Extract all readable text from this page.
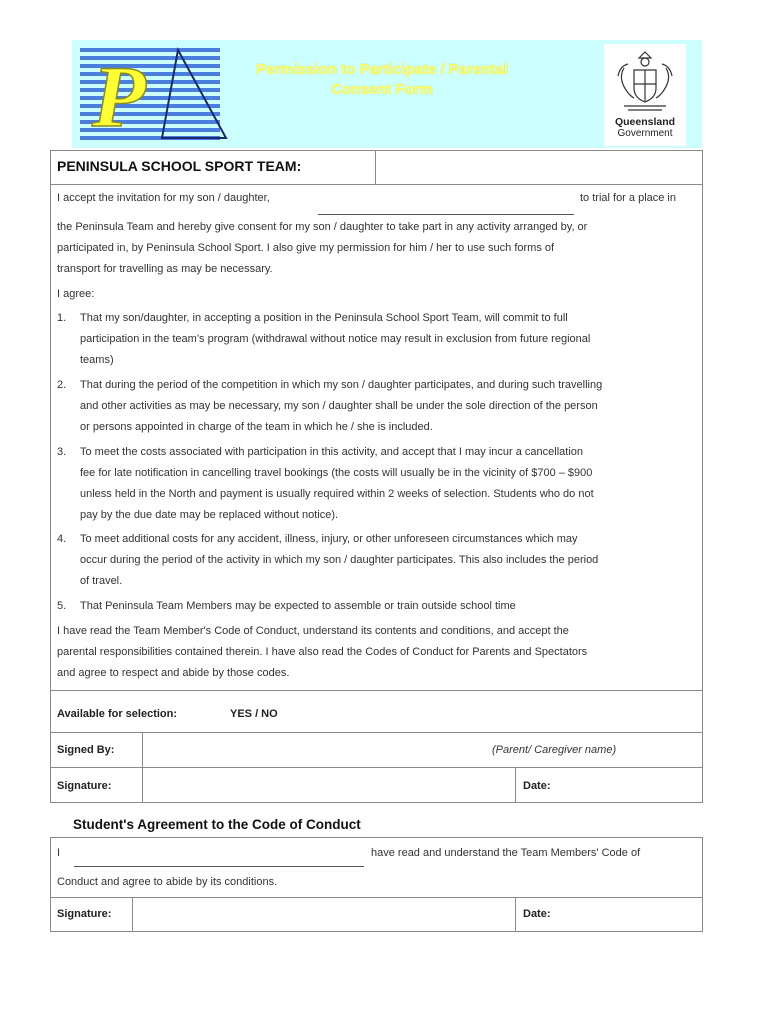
P	Permission to Participate / Parental
Consent Form
Queensland
Government
PENINSULA SCHOOL SPORT TEAM:
I accept the invitation for my son / daughter,	to trial for a place in
the Peninsula Team and hereby give consent for my son / daughter to take part in any activity arranged by, or
participated in, by Peninsula School Sport. I also give my permission for him / her to use such forms of
transport for travelling as may be necessary.
I agree:
1. That my son/daughter, in accepting a position in the Peninsula School Sport Team, will commit to full
participation in the team’s program (withdrawal without notice may result in exclusion from future regional
teams)
2. That during the period of the competition in which my son / daughter participates, and during such travelling
and other activities as may be necessary, my son / daughter shall be under the sole direction of the person
or persons appointed in charge of the team in which he / she is included.
3. To meet the costs associated with participation in this activity, and accept that I may incur a cancellation
fee for late notification in cancelling travel bookings (the costs will usually be in the vicinity of $700 – $900
unless held in the North and payment is usually required within 2 weeks of selection. Students who do not
pay by the due date may be replaced without notice).
4. To meet additional costs for any accident, illness, injury, or other unforeseen circumstances which may
occur during the period of the activity in which my son / daughter participates. This also includes the period
of travel.
5. That Peninsula Team Members may be expected to assemble or train outside school time
I have read the Team Member's Code of Conduct, understand its contents and conditions, and accept the
parental responsibilities contained therein. I have also read the Codes of Conduct for Parents and Spectators
and agree to respect and abide by those codes.
Available for selection:	YES / NO
Signed By:	(Parent/ Caregiver name)
Signature:	Date:
Student's Agreement to the Code of Conduct
I	have read and understand the Team Members' Code of
Conduct and agree to abide by its conditions.
Signature:	Date:
